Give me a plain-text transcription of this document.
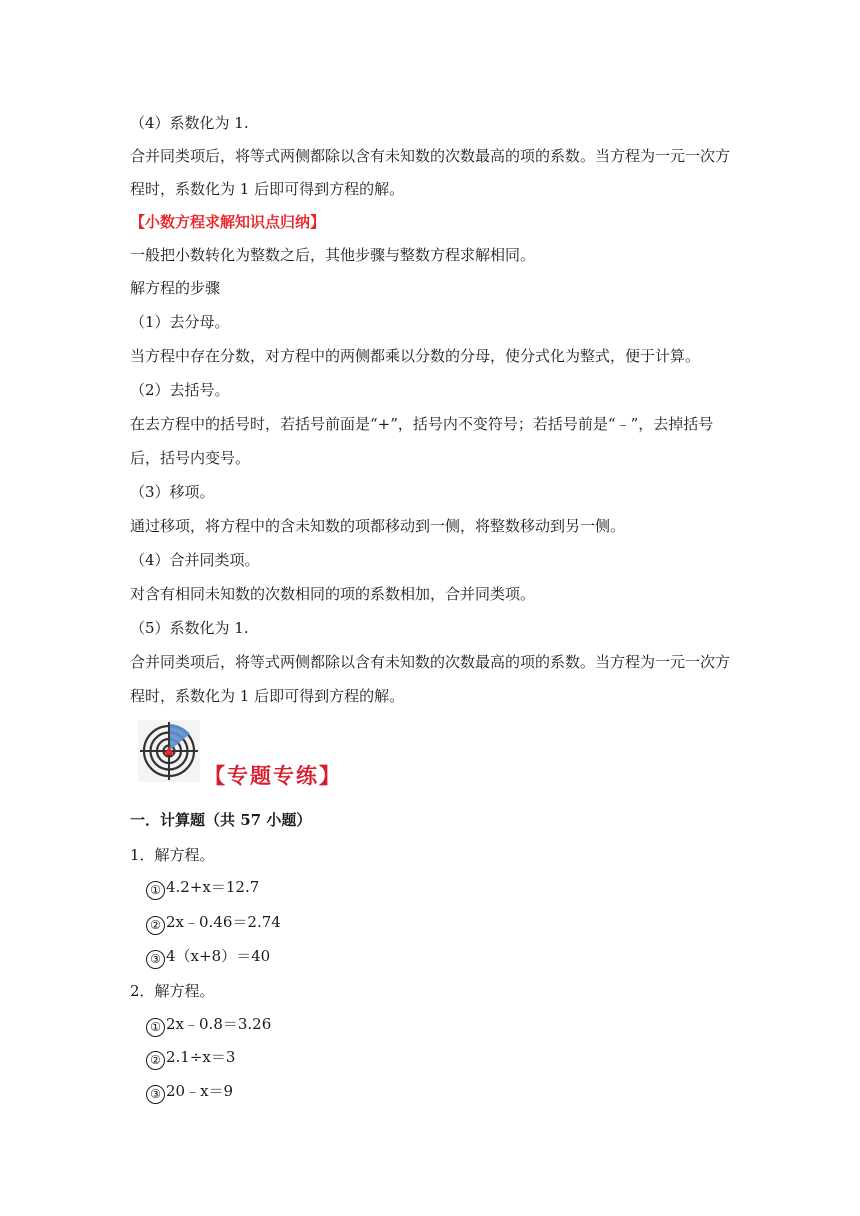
（4）系数化为 1.
合并同类项后，将等式两侧都除以含有未知数的次数最高的项的系数。当方程为一元一次方
程时，系数化为 1 后即可得到方程的解。
【小数方程求解知识点归纳】
一般把小数转化为整数之后，其他步骤与整数方程求解相同。
解方程的步骤
（1）去分母。
当方程中存在分数，对方程中的两侧都乘以分数的分母，使分式化为整式，便于计算。
（2）去括号。
在去方程中的括号时，若括号前面是“+”，括号内不变符号；若括号前是“﹣”，去掉括号
后，括号内变号。
（3）移项。
通过移项，将方程中的含未知数的项都移动到一侧，将整数移动到另一侧。
（4）合并同类项。
对含有相同未知数的次数相同的项的系数相加，合并同类项。
（5）系数化为 1.
合并同类项后，将等式两侧都除以含有未知数的次数最高的项的系数。当方程为一元一次方
程时，系数化为 1 后即可得到方程的解。
【专题专练】
一．计算题（共 57 小题）
1．解方程。
① 4.2+x＝12.7
② 2x﹣0.46＝2.74
③ 4（x+8）＝40
2．解方程。
① 2x﹣0.8＝3.26
② 2.1÷x＝3
③ 20﹣x＝9
